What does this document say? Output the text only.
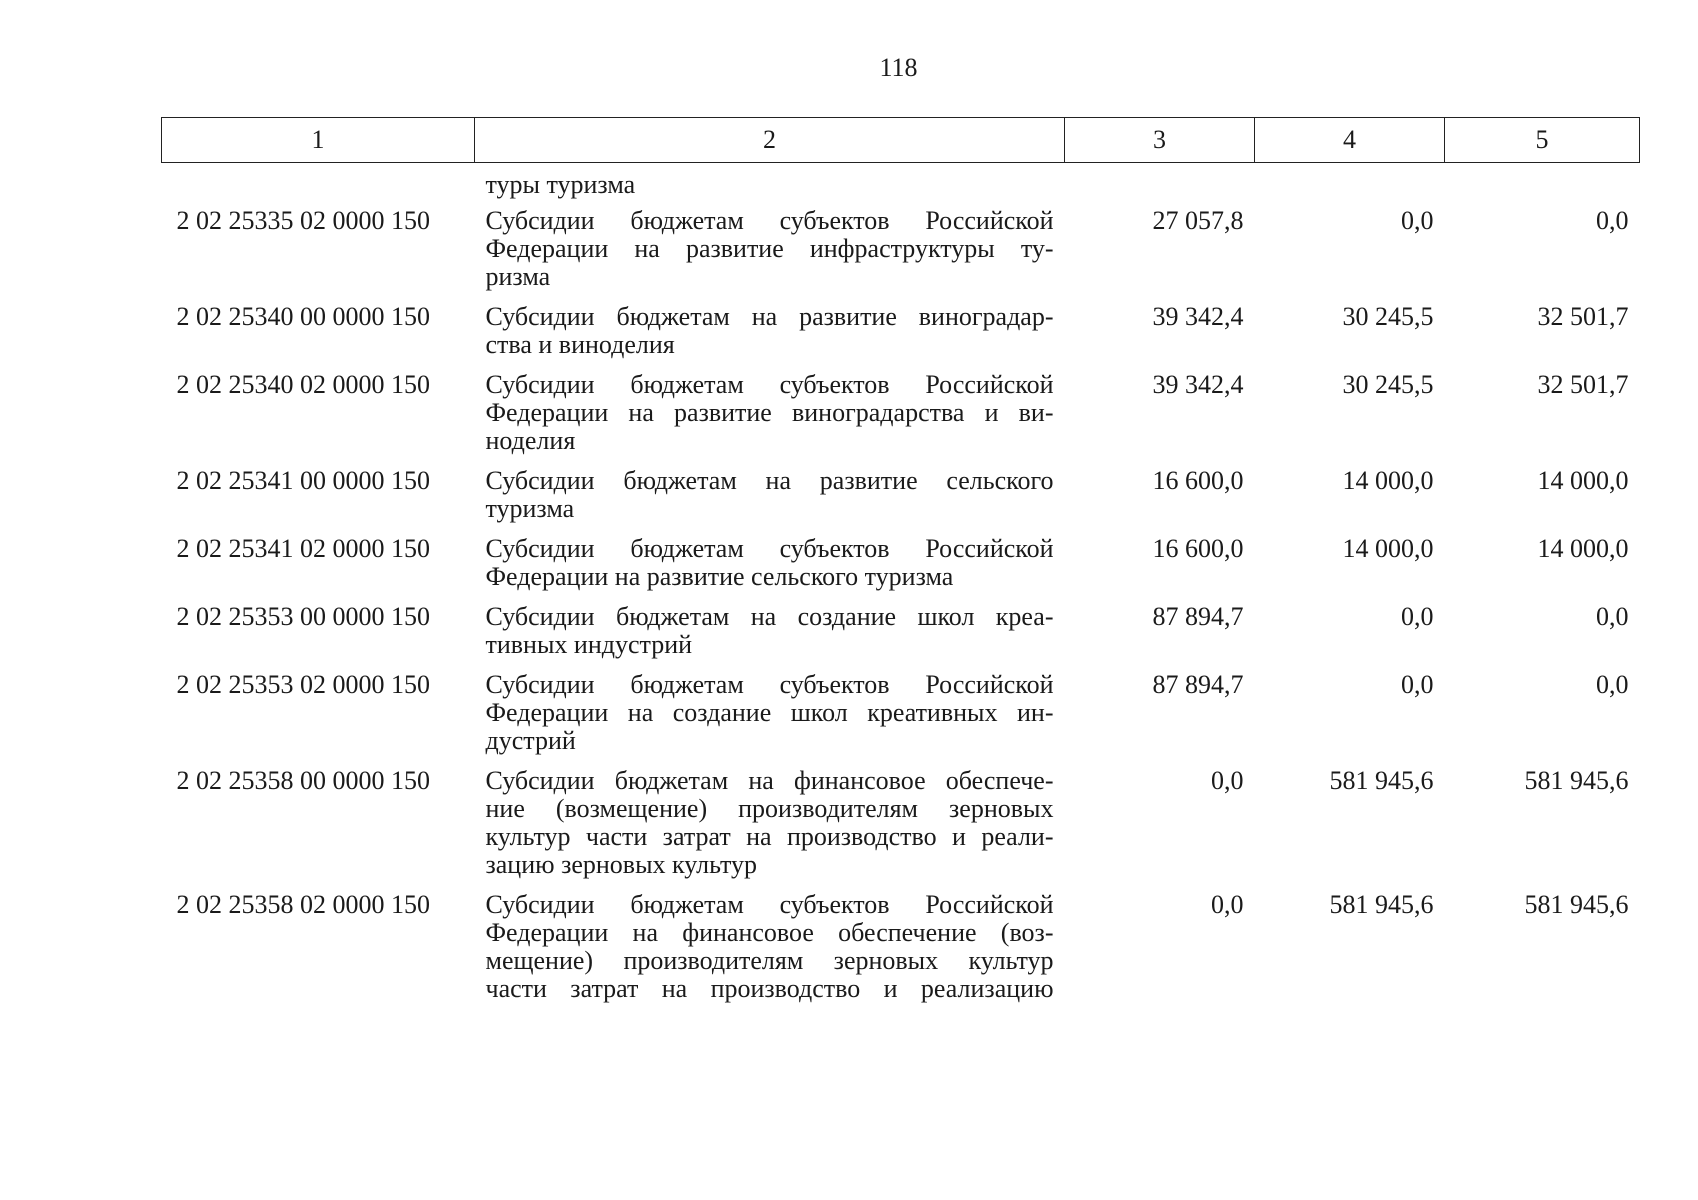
118
1	2	3	4	5

	туры туризма			

2 02 25335 02 0000 150	Субсидии бюджетам субъектов Российской
Федерации на развитие инфраструктуры ту-
ризма	27 057,8	0,0	0,0
2 02 25340 00 0000 150	Субсидии бюджетам на развитие виноградар-
ства и виноделия	39 342,4	30 245,5	32 501,7
2 02 25340 02 0000 150	Субсидии бюджетам субъектов Российской
Федерации на развитие виноградарства и ви-
ноделия	39 342,4	30 245,5	32 501,7
2 02 25341 00 0000 150	Субсидии бюджетам на развитие сельского
туризма	16 600,0	14 000,0	14 000,0
2 02 25341 02 0000 150	Субсидии бюджетам субъектов Российской
Федерации на развитие сельского туризма	16 600,0	14 000,0	14 000,0
2 02 25353 00 0000 150	Субсидии бюджетам на создание школ креа-
тивных индустрий	87 894,7	0,0	0,0
2 02 25353 02 0000 150	Субсидии бюджетам субъектов Российской
Федерации на создание школ креативных ин-
дустрий	87 894,7	0,0	0,0
2 02 25358 00 0000 150	Субсидии бюджетам на финансовое обеспече-
ние (возмещение) производителям зерновых
культур части затрат на производство и реали-
зацию зерновых культур	0,0	581 945,6	581 945,6
2 02 25358 02 0000 150	Субсидии бюджетам субъектов Российской
Федерации на финансовое обеспечение (воз-
мещение) производителям зерновых культур
части затрат на производство и реализацию	0,0	581 945,6	581 945,6
